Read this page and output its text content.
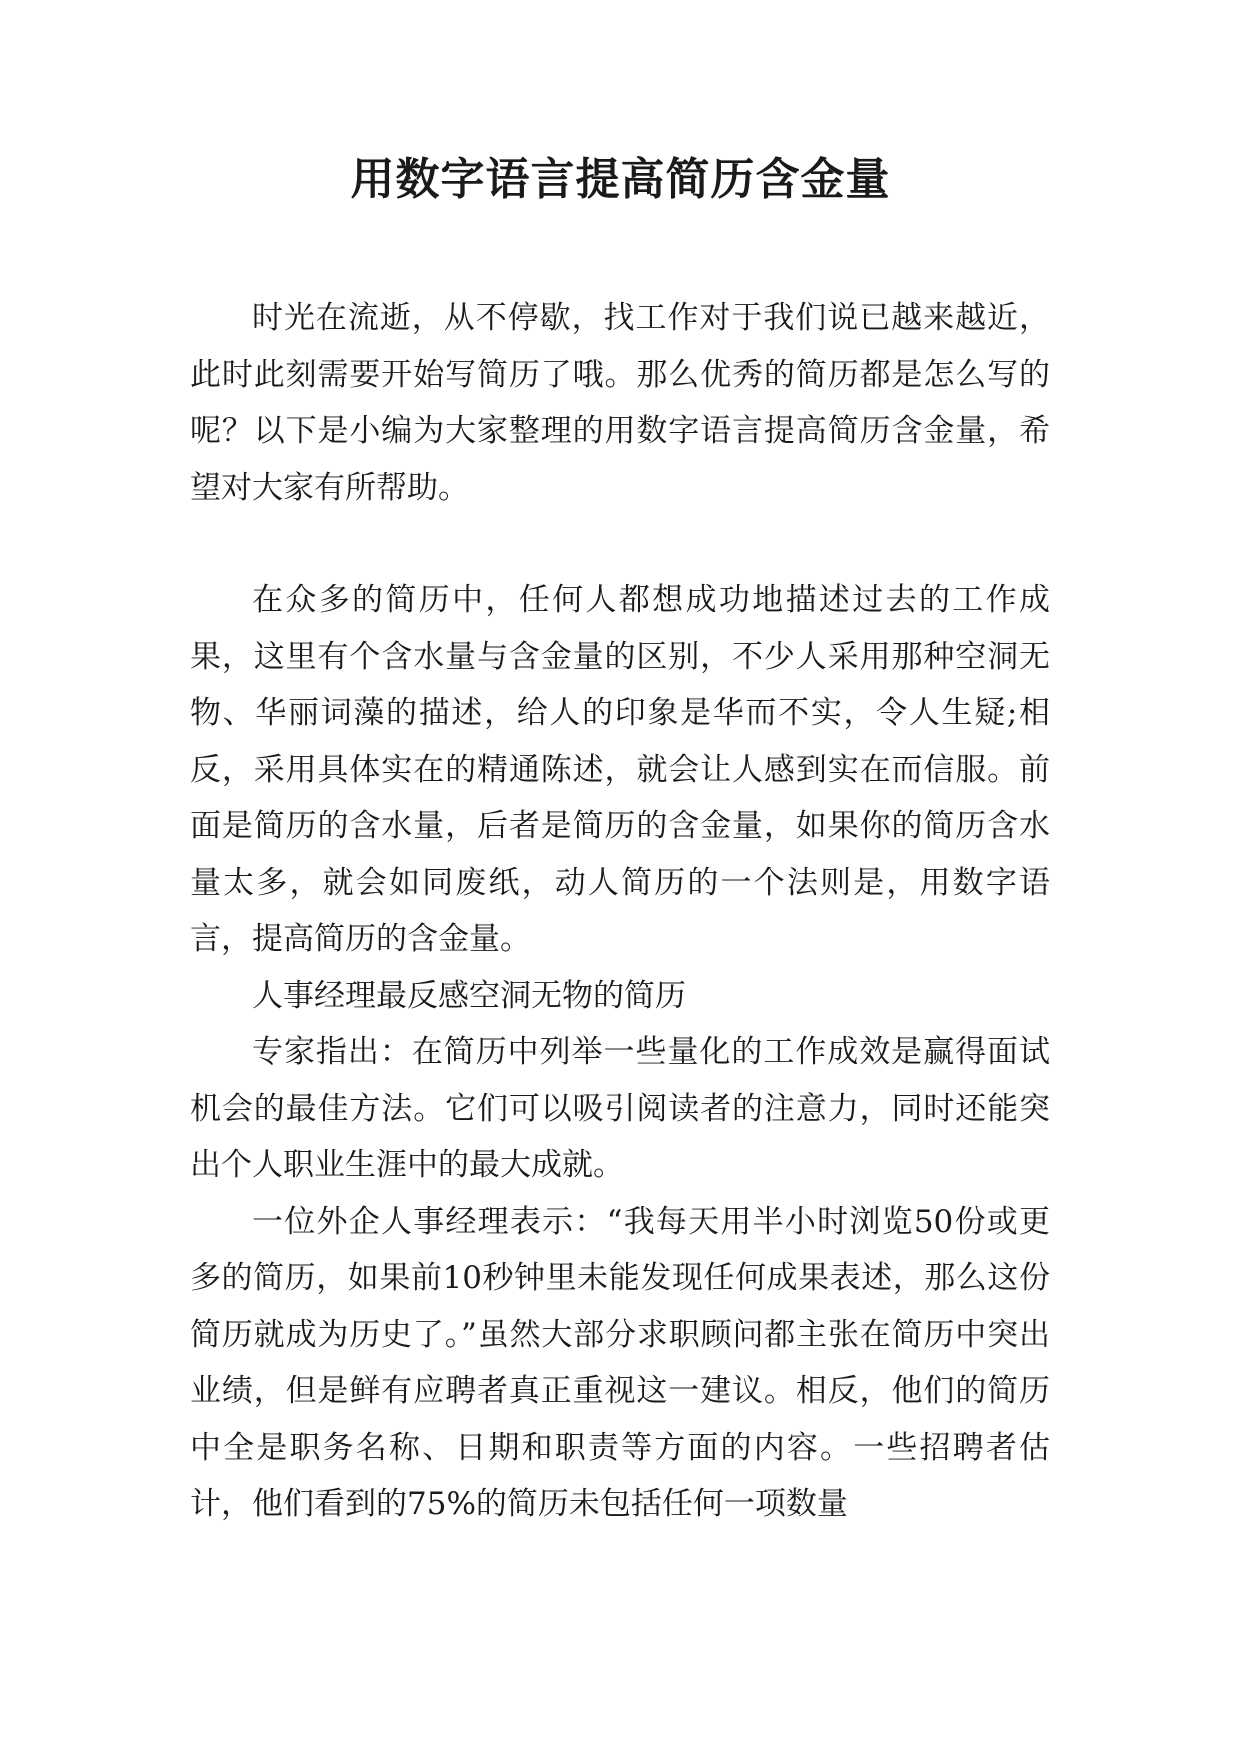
用数字语言提高简历含金量

时光在流逝，从不停歇，找工作对于我们说已越来越近，此时此刻需要开始写简历了哦。那么优秀的简历都是怎么写的呢？以下是小编为大家整理的用数字语言提高简历含金量，希望对大家有所帮助。

在众多的简历中，任何人都想成功地描述过去的工作成果，这里有个含水量与含金量的区别，不少人采用那种空洞无物、华丽词藻的描述，给人的印象是华而不实，令人生疑;相反，采用具体实在的精通陈述，就会让人感到实在而信服。前面是简历的含水量，后者是简历的含金量，如果你的简历含水量太多，就会如同废纸，动人简历的一个法则是，用数字语言，提高简历的含金量。

人事经理最反感空洞无物的简历

专家指出：在简历中列举一些量化的工作成效是赢得面试机会的最佳方法。它们可以吸引阅读者的注意力，同时还能突出个人职业生涯中的最大成就。

一位外企人事经理表示：“我每天用半小时浏览50份或更多的简历，如果前10秒钟里未能发现任何成果表述，那么这份简历就成为历史了。”虽然大部分求职顾问都主张在简历中突出业绩，但是鲜有应聘者真正重视这一建议。相反，他们的简历中全是职务名称、日期和职责等方面的内容。一些招聘者估计，他们看到的75%的简历未包括任何一项数量
